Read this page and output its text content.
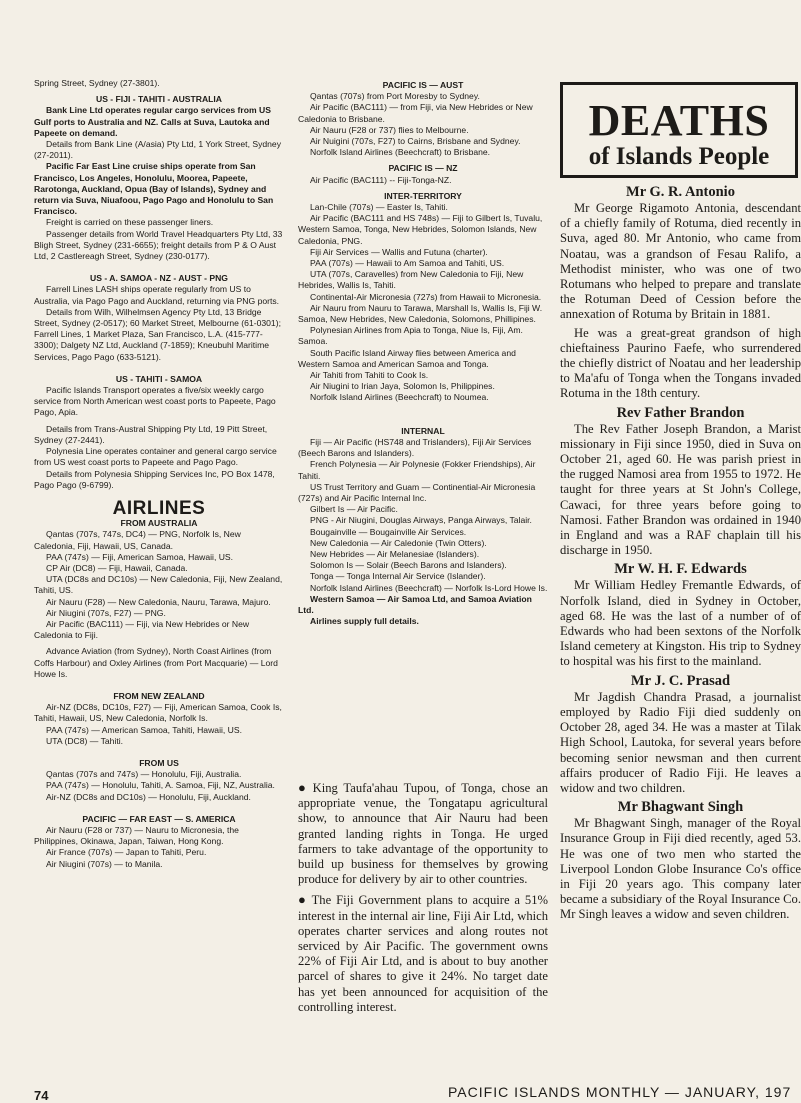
Spring Street, Sydney (27-3801).

US - FIJI - TAHITI - AUSTRALIA

Bank Line Ltd operates regular cargo services from US Gulf ports to Australia and NZ. Calls at Suva, Lautoka and Papeete on demand.

Details from Bank Line (A/asia) Pty Ltd, 1 York Street, Sydney (27-2011).

Pacific Far East Line cruise ships operate from San Francisco, Los Angeles, Honolulu, Moorea, Papeete, Rarotonga, Auckland, Opua (Bay of Islands), Sydney and return via Suva, Niuafoou, Pago Pago and Honolulu to San Francisco.

Freight is carried on these passenger liners.

Passenger details from World Travel Headquarters Pty Ltd, 33 Bligh Street, Sydney (231-6655); freight details from P & O Aust Ltd, 2 Castlereagh Street, Sydney (230-0177).

US - A. SAMOA - NZ - AUST - PNG

Farrell Lines LASH ships operate regularly from US to Australia, via Pago Pago and Auckland, returning via PNG ports.

Details from Wilh, Wilhelmsen Agency Pty Ltd, 13 Bridge Street, Sydney (2-0517); 60 Market Street, Melbourne (61-0301); Farrell Lines, 1 Market Plaza, San Francisco, L.A. (415-777-3300); Dalgety NZ Ltd, Auckland (7-1859); Kneubuhl Maritime Services, Pago Pago (633-5121).

US - TAHITI - SAMOA

Pacific Islands Transport operates a five/six weekly cargo service from North American west coast ports to Papeete, Pago Pago, Apia.

Details from Trans-Austral Shipping Pty Ltd, 19 Pitt Street, Sydney (27-2441).

Polynesia Line operates container and general cargo service from US west coast ports to Papeete and Pago Pago.

Details from Polynesia Shipping Services Inc, PO Box 1478, Pago Pago (9-6799).

AIRLINES

FROM AUSTRALIA

Qantas (707s, 747s, DC4) — PNG, Norfolk Is, New Caledonia, Fiji, Hawaii, US, Canada.

PAA (747s) — Fiji, American Samoa, Hawaii, US.

CP Air (DC8) — Fiji, Hawaii, Canada.

UTA (DC8s and DC10s) — New Caledonia, Fiji, New Zealand, Tahiti, US.

Air Nauru (F28) — New Caledonia, Nauru, Tarawa, Majuro.

Air Niugini (707s, F27) — PNG.

Air Pacific (BAC111) — Fiji, via New Hebrides or New Caledonia to Fiji.

Advance Aviation (from Sydney), North Coast Airlines (from Coffs Harbour) and Oxley Airlines (from Port Macquarie) — Lord Howe Is.

FROM NEW ZEALAND

Air-NZ (DC8s, DC10s, F27) — Fiji, American Samoa, Cook Is, Tahiti, Hawaii, US, New Caledonia, Norfolk Is.

PAA (747s) — American Samoa, Tahiti, Hawaii, US.

UTA (DC8) — Tahiti.

FROM US

Qantas (707s and 747s) — Honolulu, Fiji, Australia.

PAA (747s) — Honolulu, Tahiti, A. Samoa, Fiji, NZ, Australia.

Air-NZ (DC8s and DC10s) — Honolulu, Fiji, Auckland.

PACIFIC — FAR EAST — S. AMERICA

Air Nauru (F28 or 737) — Nauru to Micronesia, the Philippines, Okinawa, Japan, Taiwan, Hong Kong.

Air France (707s) — Japan to Tahiti, Peru.

Air Niugini (707s) — to Manila.

PACIFIC IS — AUST

Qantas (707s) from Port Moresby to Sydney.

Air Pacific (BAC111) — from Fiji, via New Hebrides or New Caledonia to Brisbane.

Air Nauru (F28 or 737) flies to Melbourne.

Air Nuigini (707s, F27) to Cairns, Brisbane and Sydney.

Norfolk Island Airlines (Beechcraft) to Brisbane.

PACIFIC IS — NZ

Air Pacific (BAC111) -- Fiji-Tonga-NZ.

INTER-TERRITORY

Lan-Chile (707s) — Easter Is, Tahiti.

Air Pacific (BAC111 and HS 748s) — Fiji to Gilbert Is, Tuvalu, Western Samoa, Tonga, New Hebrides, Solomon Islands, New Caledonia, PNG.

Fiji Air Services — Wallis and Futuna (charter).

PAA (707s) — Hawaii to Am Samoa and Tahiti, US.

UTA (707s, Caravelles) from New Caledonia to Fiji, New Hebrides, Wallis Is, Tahiti.

Continental-Air Micronesia (727s) from Hawaii to Micronesia.

Air Nauru from Nauru to Tarawa, Marshall Is, Wallis Is, Fiji W. Samoa, New Hebrides, New Caledonia, Solomons, Phillipines.

Polynesian Airlines from Apia to Tonga, Niue Is, Fiji, Am. Samoa.

South Pacific Island Airway flies between America and Western Samoa and American Samoa and Tonga.

Air Tahiti from Tahiti to Cook Is.

Air Niugini to Irian Jaya, Solomon Is, Philippines.

Norfolk Island Airlines (Beechcraft) to Noumea.

INTERNAL

Fiji — Air Pacific (HS748 and Trislanders), Fiji Air Services (Beech Barons and Islanders).

French Polynesia — Air Polynesie (Fokker Friendships), Air Tahiti.

US Trust Territory and Guam — Continential-Air Micronesia (727s) and Air Pacific Internal Inc.

Gilbert Is — Air Pacific.

PNG - Air Niugini, Douglas Airways, Panga Airways, Talair.

Bougainville — Bougainville Air Services.

New Caledonia — Air Caledonie (Twin Otters).

New Hebrides — Air Melanesiae (Islanders).

Solomon Is — Solair (Beech Barons and Islanders).

Tonga — Tonga Internal Air Service (Islander).

Norfolk Island Airlines (Beechcraft) — Norfolk Is-Lord Howe Is.

Western Samoa — Air Samoa Ltd, and Samoa Aviation Ltd.

Airlines supply full details.

● King Taufa'ahau Tupou, of Tonga, chose an appropriate venue, the Tongatapu agricultural show, to announce that Air Nauru had been granted landing rights in Tonga. He urged farmers to take advantage of the opportunity to build up business for themselves by growing produce for delivery by air to other countries.

● The Fiji Government plans to acquire a 51% interest in the internal air line, Fiji Air Ltd, which operates charter services and along routes not serviced by Air Pacific. The government owns 22% of Fiji Air Ltd, and is about to buy another parcel of shares to give it 24%. No target date has yet been announced for acquisition of the controlling interest.

DEATHS
of Islands People
Mr G. R. Antonio

Mr George Rigamoto Antonia, descendant of a chiefly family of Rotuma, died recently in Suva, aged 80. Mr Antonio, who came from Noatau, was a grandson of Fesau Ralifo, a Methodist minister, who was one of two Rotumans who helped to prepare and translate the Rotuman Deed of Cession before the annexation of Rotuma by Britain in 1881.

He was a great-great grandson of high chieftainess Paurino Faefe, who surrendered the chiefly district of Noatau and her leadership to Ma'afu of Tonga when the Tongans invaded Rotuma in the 18th century.

Rev Father Brandon

The Rev Father Joseph Brandon, a Marist missionary in Fiji since 1950, died in Suva on October 21, aged 60. He was parish priest in the rugged Namosi area from 1955 to 1972. He taught for three years at St John's College, Cawaci, for three years before going to Namosi. Father Brandon was ordained in 1940 in England and was a RAF chaplain till his discharge in 1950.

Mr W. H. F. Edwards

Mr William Hedley Fremantle Edwards, of Norfolk Island, died in Sydney in October, aged 68. He was the last of a number of of Edwards who had been sextons of the Norfolk Island cemetery at Kingston. His trip to Sydney to hospital was his first to the mainland.

Mr J. C. Prasad

Mr Jagdish Chandra Prasad, a journalist employed by Radio Fiji died suddenly on October 28, aged 34. He was a master at Tilak High School, Lautoka, for several years before becoming senior newsman and then current affairs producer of Radio Fiji. He leaves a widow and two children.

Mr Bhagwant Singh

Mr Bhagwant Singh, manager of the Royal Insurance Group in Fiji died recently, aged 53. He was one of two men who started the Liverpool London Globe Insurance Co's office in Fiji 20 years ago. This company later became a subsidiary of the Royal Insurance Co. Mr Singh leaves a widow and seven children.

74	PACIFIC ISLANDS MONTHLY — JANUARY, 197
